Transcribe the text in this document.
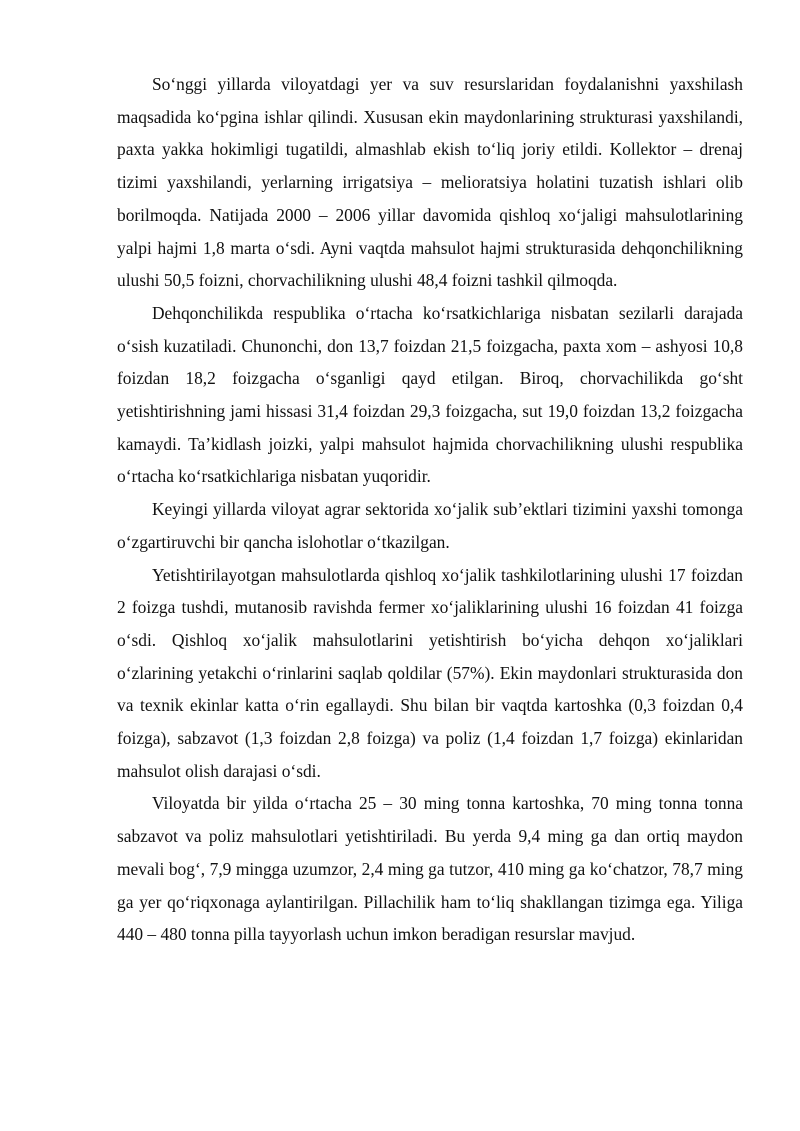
So‘nggi yillarda viloyatdagi yer va suv resurslaridan foydalanishni yaxshilash maqsadida ko‘pgina ishlar qilindi. Xususan ekin maydonlarining strukturasi yaxshilandi, paxta yakka hokimligi tugatildi, almashlab ekish to‘liq joriy etildi. Kollektor – drenaj tizimi yaxshilandi, yerlarning irrigatsiya – melioratsiya holatini tuzatish ishlari olib borilmoqda. Natijada 2000 – 2006 yillar davomida qishloq xo‘jaligi mahsulotlarining yalpi hajmi 1,8 marta o‘sdi. Ayni vaqtda mahsulot hajmi strukturasida dehqonchilikning ulushi 50,5 foizni, chorvachilikning ulushi 48,4 foizni tashkil qilmoqda.

Dehqonchilikda respublika o‘rtacha ko‘rsatkichlariga nisbatan sezilarli darajada o‘sish kuzatiladi. Chunonchi, don 13,7 foizdan 21,5 foizgacha, paxta xom – ashyosi 10,8 foizdan 18,2 foizgacha o‘sganligi qayd etilgan. Biroq, chorvachilikda go‘sht yetishtirishning jami hissasi 31,4 foizdan 29,3 foizgacha, sut 19,0 foizdan 13,2 foizgacha kamaydi. Ta’kidlash joizki, yalpi mahsulot hajmida chorvachilikning ulushi respublika o‘rtacha ko‘rsatkichlariga nisbatan yuqoridir.

Keyingi yillarda viloyat agrar sektorida xo‘jalik sub’ektlari tizimini yaxshi tomonga o‘zgartiruvchi bir qancha islohotlar o‘tkazilgan.

Yetishtirilayotgan mahsulotlarda qishloq xo‘jalik tashkilotlarining ulushi 17 foizdan 2 foizga tushdi, mutanosib ravishda fermer xo‘jaliklarining ulushi 16 foizdan 41 foizga o‘sdi. Qishloq xo‘jalik mahsulotlarini yetishtirish bo‘yicha dehqon xo‘jaliklari o‘zlarining yetakchi o‘rinlarini saqlab qoldilar (57%). Ekin maydonlari strukturasida don va texnik ekinlar katta o‘rin egallaydi. Shu bilan bir vaqtda kartoshka (0,3 foizdan 0,4 foizga), sabzavot (1,3 foizdan 2,8 foizga) va poliz (1,4 foizdan 1,7 foizga) ekinlaridan mahsulot olish darajasi o‘sdi.

Viloyatda bir yilda o‘rtacha 25 – 30 ming tonna kartoshka, 70 ming tonna tonna sabzavot va poliz mahsulotlari yetishtiriladi. Bu yerda 9,4 ming ga dan ortiq maydon mevali bog‘, 7,9 mingga uzumzor, 2,4 ming ga tutzor, 410 ming ga ko‘chatzor, 78,7 ming ga yer qo‘riqxonaga aylantirilgan. Pillachilik ham to‘liq shakllangan tizimga ega. Yiliga 440 – 480 tonna pilla tayyorlash uchun imkon beradigan resurslar mavjud.
